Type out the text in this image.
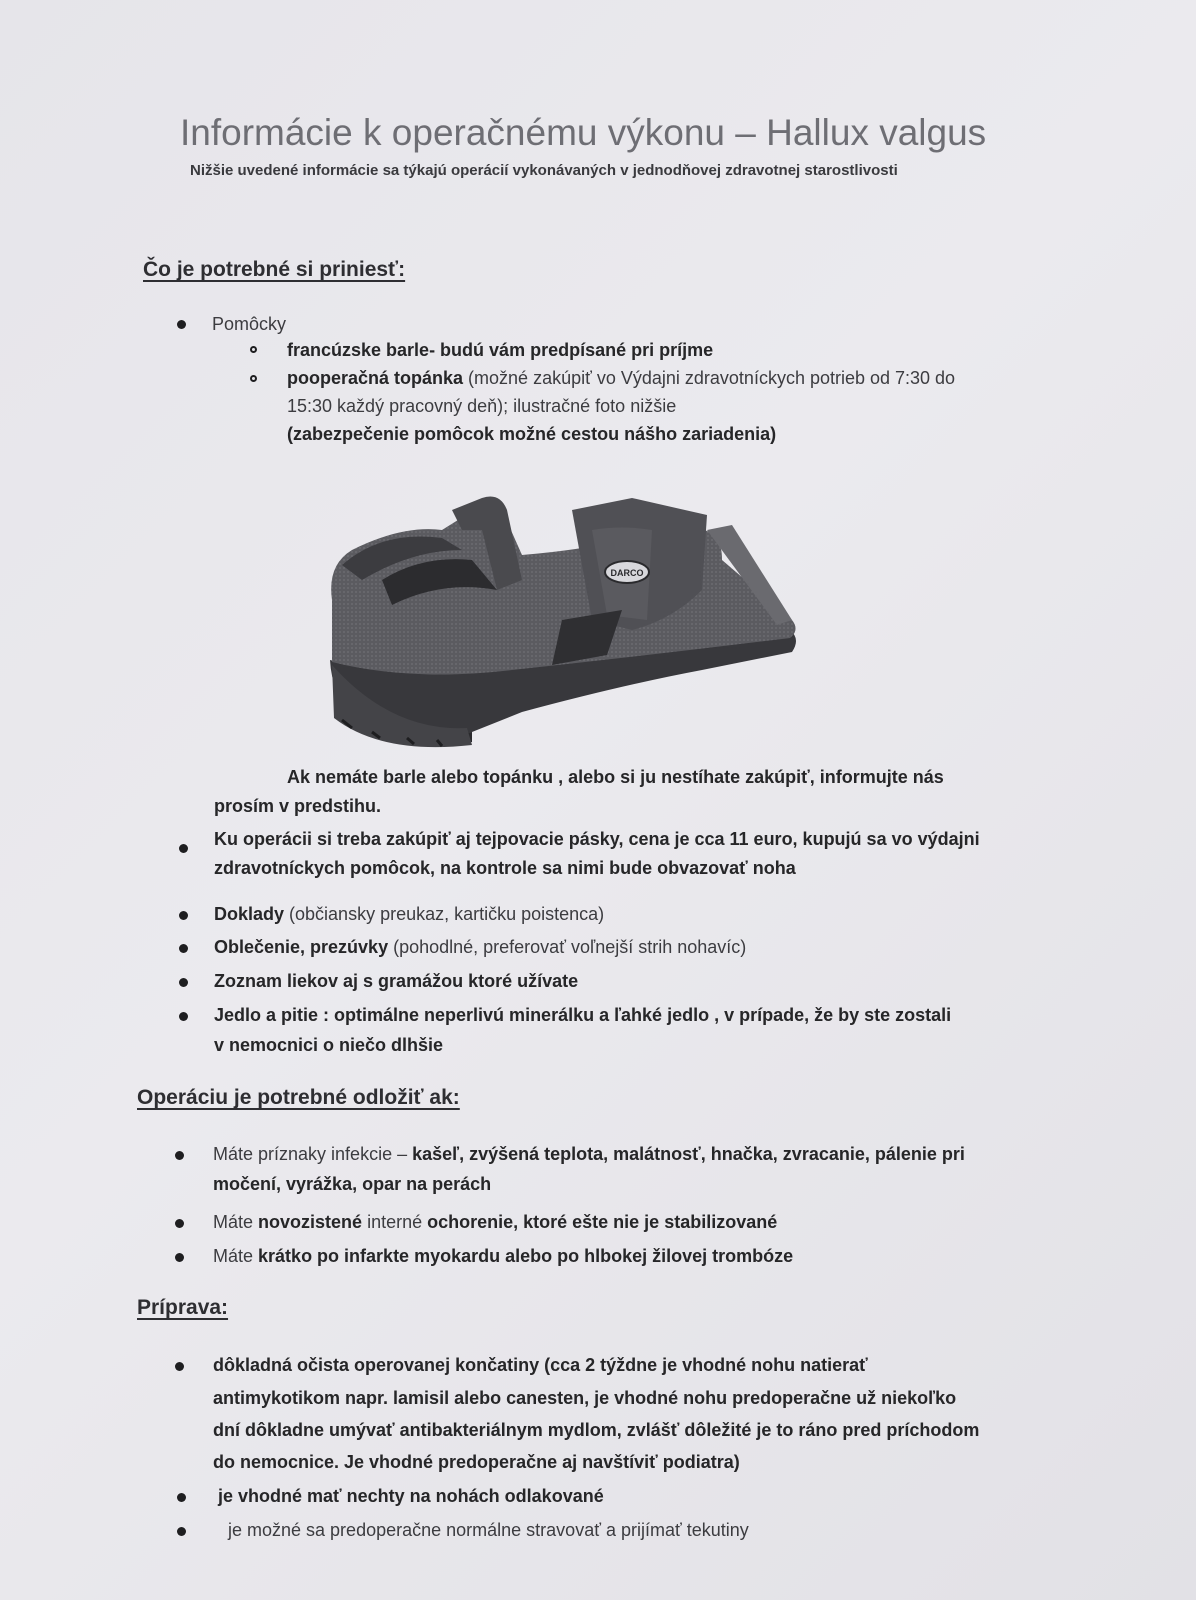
Informácie k operačnému výkonu – Hallux valgus
Nižšie uvedené informácie sa týkajú operácií vykonávaných v jednodňovej zdravotnej starostlivosti
Čo je potrebné si priniesť:
Pomôcky
francúzske barle- budú vám predpísané pri príjme
pooperačná topánka (možné zakúpiť vo Výdajni zdravotníckych potrieb od 7:30 do
15:30 každý pracovný deň); ilustračné foto nižšie
(zabezpečenie pomôcok možné cestou nášho zariadenia)
DARCO
Ak nemáte barle alebo topánku , alebo si ju nestíhate zakúpiť, informujte nás
prosím v predstihu.
Ku operácii si treba zakúpiť aj tejpovacie pásky, cena je cca 11 euro, kupujú sa vo výdajni
zdravotníckych pomôcok, na kontrole sa nimi bude obvazovať noha
Doklady (občiansky preukaz, kartičku poistenca)
Oblečenie, prezúvky (pohodlné, preferovať voľnejší strih nohavíc)
Zoznam liekov aj s gramážou ktoré užívate
Jedlo a pitie : optimálne neperlivú minerálku a ľahké jedlo , v prípade, že by ste zostali
v nemocnici o niečo dlhšie
Operáciu je potrebné odložiť ak:
Máte príznaky infekcie – kašeľ, zvýšená teplota, malátnosť, hnačka, zvracanie, pálenie pri
močení, vyrážka, opar na perách
Máte novozistené interné ochorenie, ktoré ešte nie je stabilizované
Máte krátko po infarkte myokardu alebo po hlbokej žilovej trombóze
Príprava:
dôkladná očista operovanej končatiny (cca 2 týždne je vhodné nohu natierať
antimykotikom napr. lamisil alebo canesten, je vhodné nohu predoperačne už niekoľko
dní dôkladne umývať antibakteriálnym mydlom, zvlášť dôležité je to ráno pred príchodom
do nemocnice. Je vhodné predoperačne aj navštíviť podiatra)
je vhodné mať nechty na nohách odlakované
je možné sa predoperačne normálne stravovať a prijímať tekutiny
